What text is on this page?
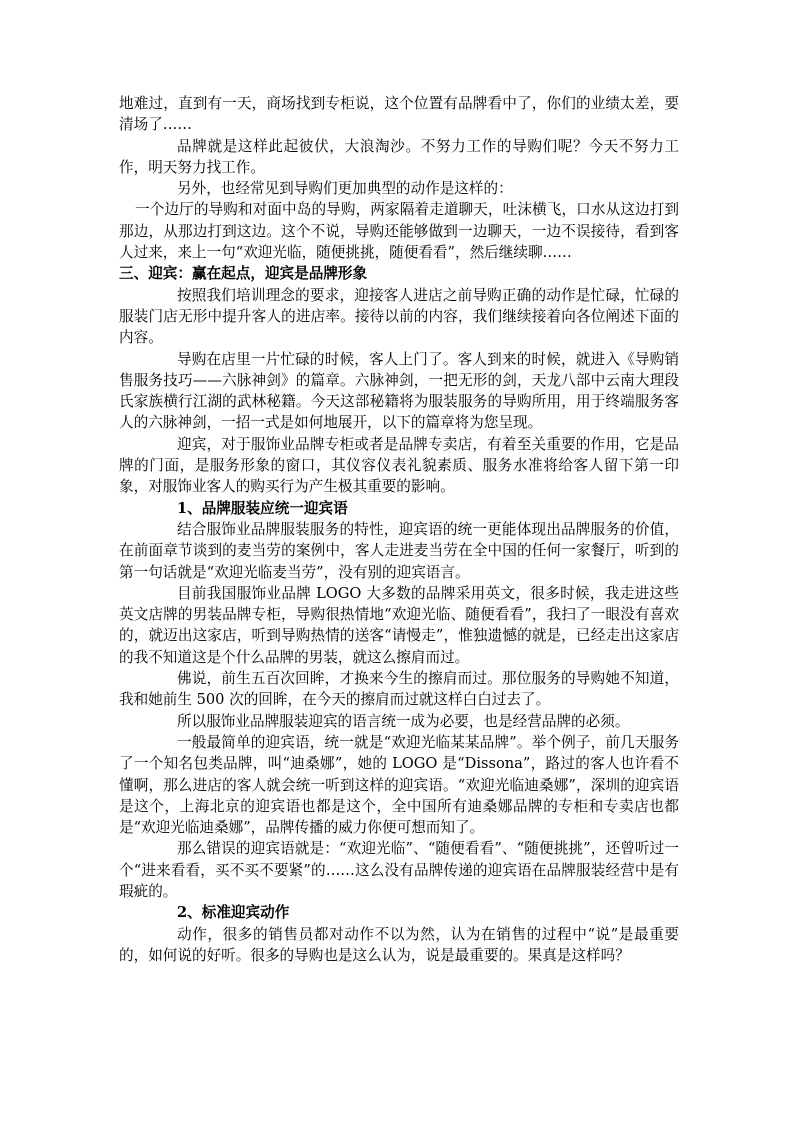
地难过，直到有一天，商场找到专柜说，这个位置有品牌看中了，你们的业绩太差，要清场了……

品牌就是这样此起彼伏，大浪淘沙。不努力工作的导购们呢？今天不努力工作，明天努力找工作。

另外，也经常见到导购们更加典型的动作是这样的：

一个边厅的导购和对面中岛的导购，两家隔着走道聊天，吐沫横飞，口水从这边打到那边，从那边打到这边。这个不说，导购还能够做到一边聊天，一边不误接待，看到客人过来，来上一句“欢迎光临，随便挑挑，随便看看”，然后继续聊……

三、迎宾：赢在起点，迎宾是品牌形象

按照我们培训理念的要求，迎接客人进店之前导购正确的动作是忙碌，忙碌的服装门店无形中提升客人的进店率。接待以前的内容，我们继续接着向各位阐述下面的内容。

导购在店里一片忙碌的时候，客人上门了。客人到来的时候，就进入《导购销售服务技巧——六脉神剑》的篇章。六脉神剑，一把无形的剑，天龙八部中云南大理段氏家族横行江湖的武林秘籍。今天这部秘籍将为服装服务的导购所用，用于终端服务客人的六脉神剑，一招一式是如何地展开，以下的篇章将为您呈现。

迎宾，对于服饰业品牌专柜或者是品牌专卖店，有着至关重要的作用，它是品牌的门面，是服务形象的窗口，其仪容仪表礼貌素质、服务水准将给客人留下第一印象，对服饰业客人的购买行为产生极其重要的影响。

1、品牌服装应统一迎宾语

结合服饰业品牌服装服务的特性，迎宾语的统一更能体现出品牌服务的价值，在前面章节谈到的麦当劳的案例中，客人走进麦当劳在全中国的任何一家餐厅，听到的第一句话就是“欢迎光临麦当劳”，没有别的迎宾语言。

目前我国服饰业品牌 LOGO 大多数的品牌采用英文，很多时候，我走进这些英文店牌的男装品牌专柜，导购很热情地“欢迎光临、随便看看”，我扫了一眼没有喜欢的，就迈出这家店，听到导购热情的送客“请慢走”，惟独遗憾的就是，已经走出这家店的我不知道这是个什么品牌的男装，就这么擦肩而过。

佛说，前生五百次回眸，才换来今生的擦肩而过。那位服务的导购她不知道，我和她前生 500 次的回眸，在今天的擦肩而过就这样白白过去了。

所以服饰业品牌服装迎宾的语言统一成为必要，也是经营品牌的必须。

一般最简单的迎宾语，统一就是“欢迎光临某某品牌”。举个例子，前几天服务了一个知名包类品牌，叫“迪桑娜”，她的 LOGO 是“Dissona”，路过的客人也许看不懂啊，那么进店的客人就会统一听到这样的迎宾语。“欢迎光临迪桑娜”，深圳的迎宾语是这个，上海北京的迎宾语也都是这个，全中国所有迪桑娜品牌的专柜和专卖店也都是“欢迎光临迪桑娜”，品牌传播的威力你便可想而知了。

那么错误的迎宾语就是：“欢迎光临”、“随便看看”、“随便挑挑”，还曾听过一个“进来看看，买不买不要紧”的……这么没有品牌传递的迎宾语在品牌服装经营中是有瑕疵的。

2、标准迎宾动作

动作，很多的销售员都对动作不以为然，认为在销售的过程中“说”是最重要的，如何说的好听。很多的导购也是这么认为，说是最重要的。果真是这样吗？
